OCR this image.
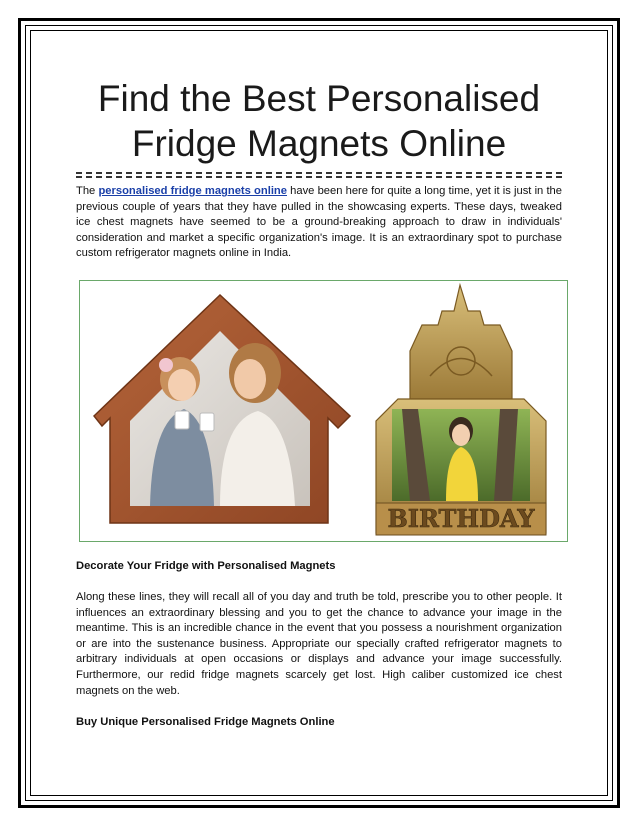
Find the Best Personalised
Fridge Magnets Online

The personalised fridge magnets online have been here for quite a long time, yet it is just in the previous couple of years that they have pulled in the showcasing experts. These days, tweaked ice chest magnets have seemed to be a ground-breaking approach to draw in individuals' consideration and market a specific organization's image. It is an extraordinary spot to purchase custom refrigerator magnets online in India.

BIRTHDAY

Decorate Your Fridge with Personalised Magnets

Along these lines, they will recall all of you day and truth be told, prescribe you to other people. It influences an extraordinary blessing and you to get the chance to advance your image in the meantime. This is an incredible chance in the event that you possess a nourishment organization or are into the sustenance business. Appropriate our specially crafted refrigerator magnets to arbitrary individuals at open occasions or displays and advance your image successfully. Furthermore, our redid fridge magnets scarcely get lost. High caliber customized ice chest magnets on the web.

Buy Unique Personalised Fridge Magnets Online
